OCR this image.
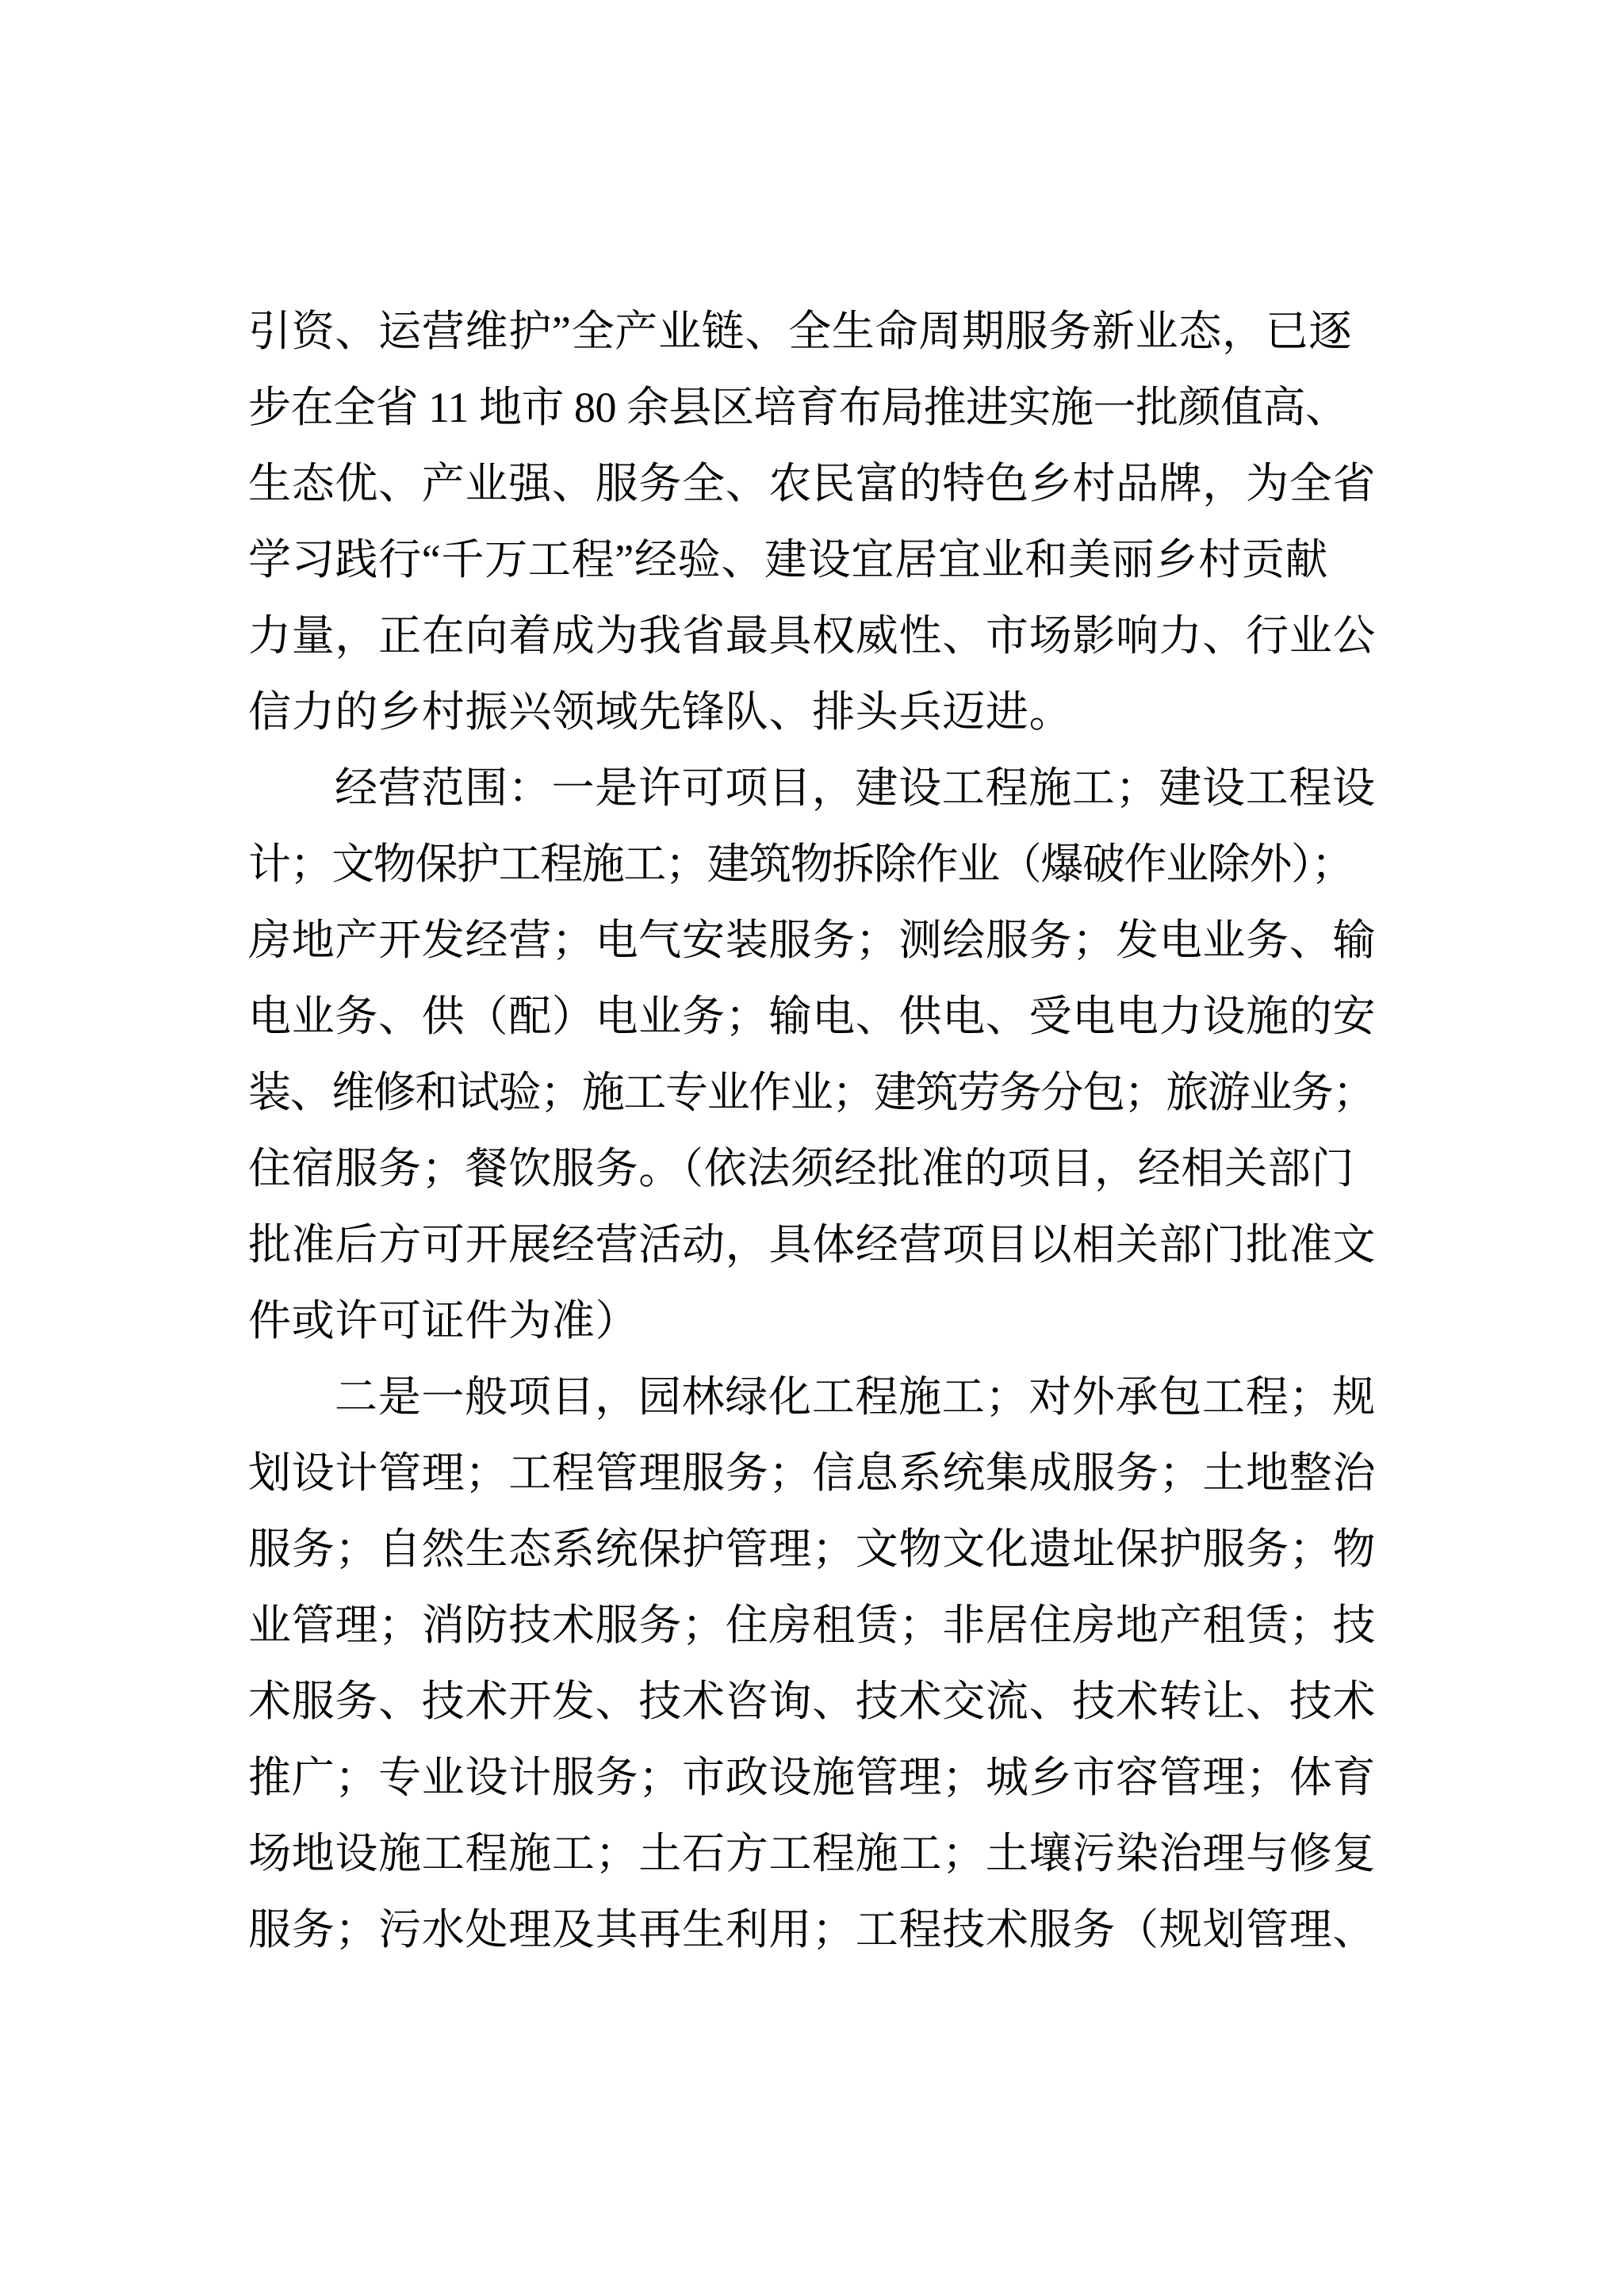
引资、运营维护”全产业链、全生命周期服务新业态，已逐
步在全省 11 地市 80 余县区培育布局推进实施一批颜值高、
生态优、产业强、服务全、农民富的特色乡村品牌，为全省
学习践行“千万工程”经验、建设宜居宜业和美丽乡村贡献
力量，正在向着成为我省最具权威性、市场影响力、行业公
信力的乡村振兴领域先锋队、排头兵迈进。
经营范围：一是许可项目，建设工程施工；建设工程设
计；文物保护工程施工；建筑物拆除作业（爆破作业除外）；
房地产开发经营；电气安装服务；测绘服务；发电业务、输
电业务、供（配）电业务；输电、供电、受电电力设施的安
装、维修和试验；施工专业作业；建筑劳务分包；旅游业务；
住宿服务；餐饮服务。（依法须经批准的项目，经相关部门
批准后方可开展经营活动，具体经营项目以相关部门批准文
件或许可证件为准）
二是一般项目，园林绿化工程施工；对外承包工程；规
划设计管理；工程管理服务；信息系统集成服务；土地整治
服务；自然生态系统保护管理；文物文化遗址保护服务；物
业管理；消防技术服务；住房租赁；非居住房地产租赁；技
术服务、技术开发、技术咨询、技术交流、技术转让、技术
推广；专业设计服务；市政设施管理；城乡市容管理；体育
场地设施工程施工；土石方工程施工；土壤污染治理与修复
服务；污水处理及其再生利用；工程技术服务（规划管理、
